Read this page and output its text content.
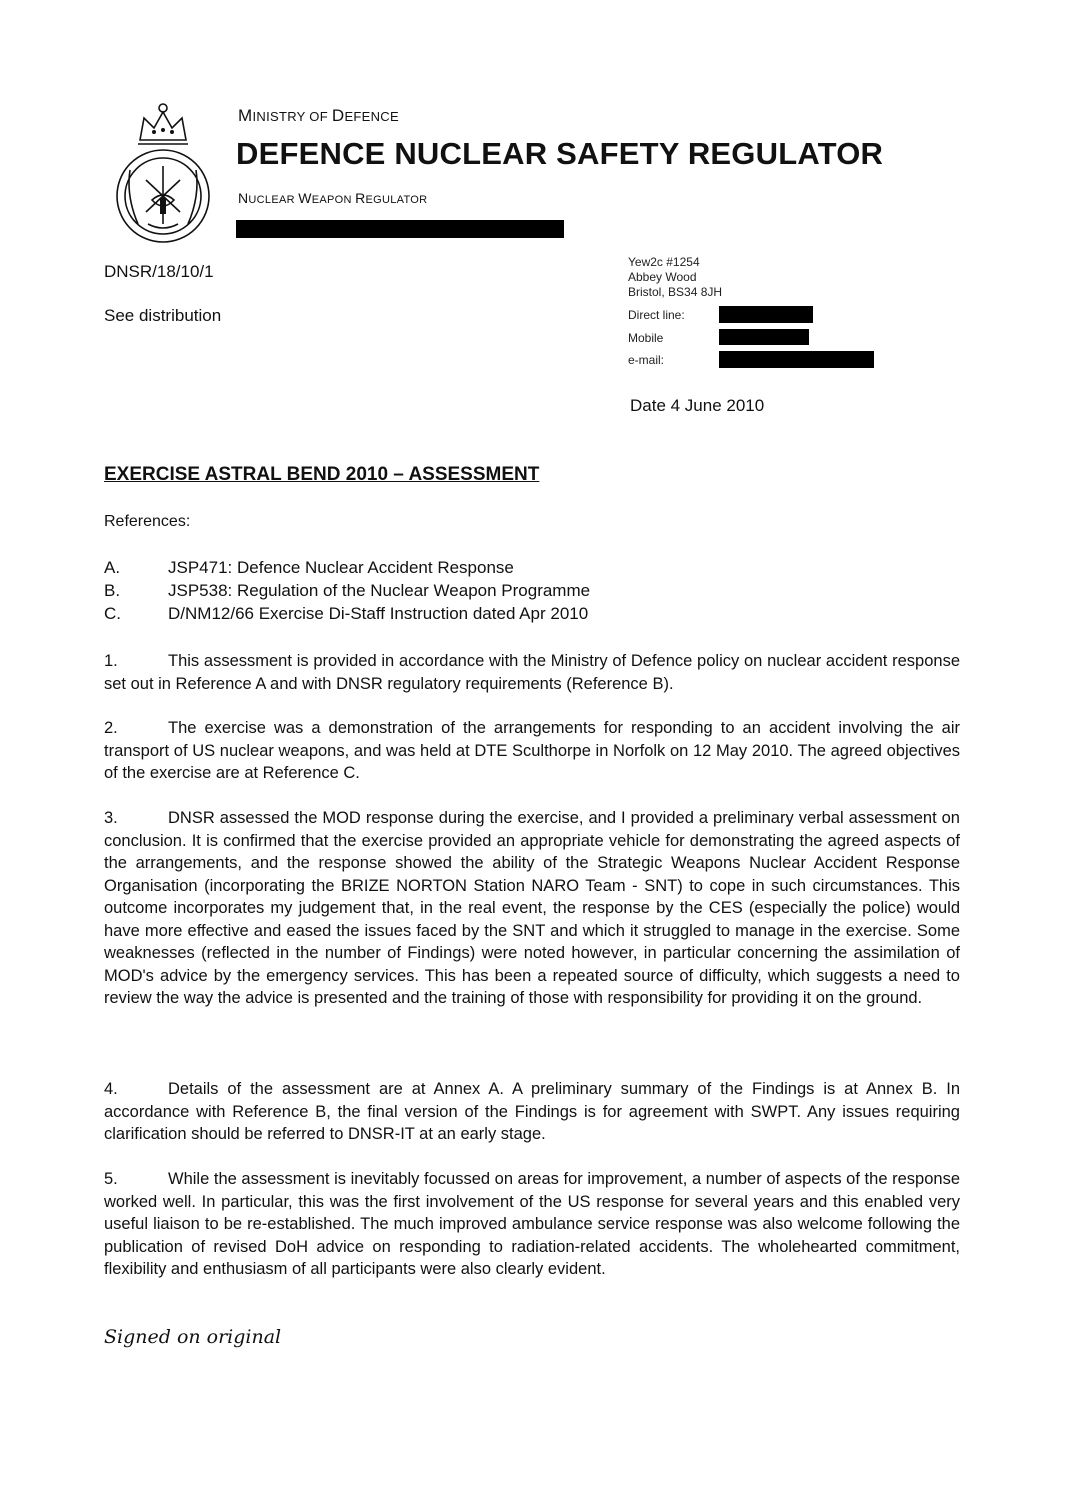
MINISTRY OF DEFENCE
DEFENCE NUCLEAR SAFETY REGULATOR
NUCLEAR WEAPON REGULATOR
DNSR/18/10/1
See distribution
Yew2c #1254
Abbey Wood
Bristol, BS34 8JH
Direct line:
Mobile
e-mail:
Date 4 June 2010
EXERCISE ASTRAL BEND 2010 – ASSESSMENT
References:
A.	JSP471: Defence Nuclear Accident Response
B.	JSP538: Regulation of the Nuclear Weapon Programme
C.	D/NM12/66 Exercise Di-Staff Instruction dated Apr 2010
1.	This assessment is provided in accordance with the Ministry of Defence policy on nuclear accident response set out in Reference A and with DNSR regulatory requirements (Reference B).
2.	The exercise was a demonstration of the arrangements for responding to an accident involving the air transport of US nuclear weapons, and was held at DTE Sculthorpe in Norfolk on 12 May 2010. The agreed objectives of the exercise are at Reference C.
3.	DNSR assessed the MOD response during the exercise, and I provided a preliminary verbal assessment on conclusion. It is confirmed that the exercise provided an appropriate vehicle for demonstrating the agreed aspects of the arrangements, and the response showed the ability of the Strategic Weapons Nuclear Accident Response Organisation (incorporating the BRIZE NORTON Station NARO Team - SNT) to cope in such circumstances. This outcome incorporates my judgement that, in the real event, the response by the CES (especially the police) would have more effective and eased the issues faced by the SNT and which it struggled to manage in the exercise. Some weaknesses (reflected in the number of Findings) were noted however, in particular concerning the assimilation of MOD's advice by the emergency services. This has been a repeated source of difficulty, which suggests a need to review the way the advice is presented and the training of those with responsibility for providing it on the ground.
4.	Details of the assessment are at Annex A. A preliminary summary of the Findings is at Annex B. In accordance with Reference B, the final version of the Findings is for agreement with SWPT. Any issues requiring clarification should be referred to DNSR-IT at an early stage.
5.	While the assessment is inevitably focussed on areas for improvement, a number of aspects of the response worked well. In particular, this was the first involvement of the US response for several years and this enabled very useful liaison to be re-established. The much improved ambulance service response was also welcome following the publication of revised DoH advice on responding to radiation-related accidents. The wholehearted commitment, flexibility and enthusiasm of all participants were also clearly evident.
Signed on original
